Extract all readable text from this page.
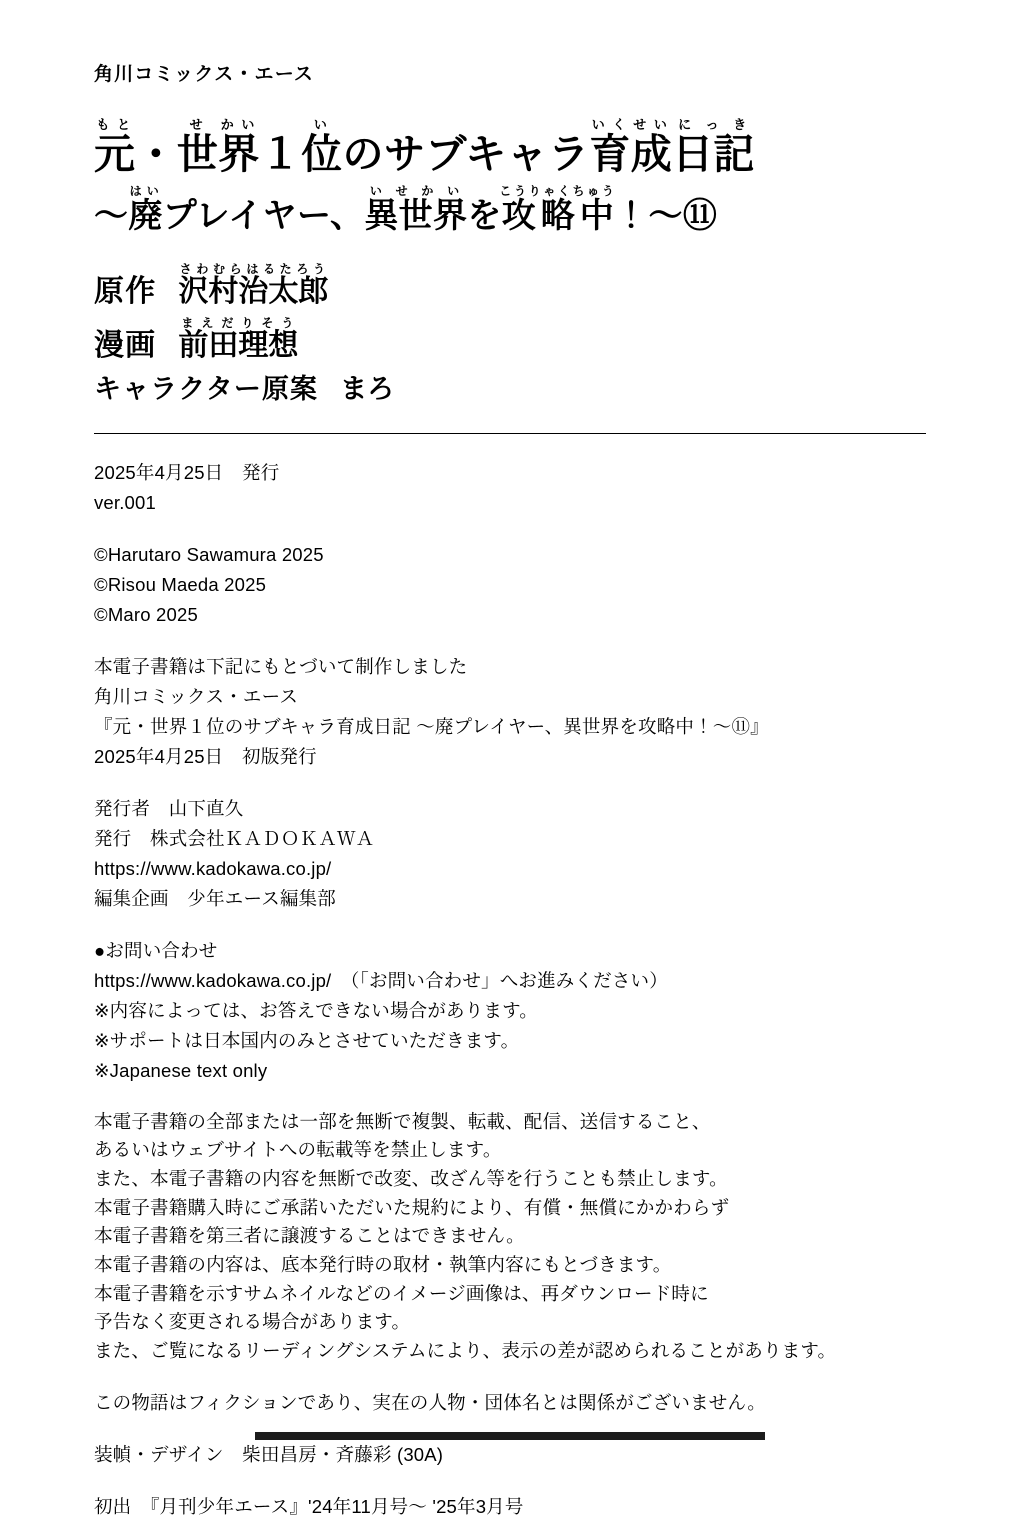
角川コミックス・エース
元もと・世せ界かい１位いのサブキャラ育成いくせい日記にっき
～廃はいプレイヤー、異世界いせかいを攻略中こうりゃくちゅう！～⑪
原作 沢村治太郎さわむらはるたろう
漫画 前田理想まえだりそう
キャラクター原案 まろ

2025年4月25日　発行

ver.001

©Harutaro Sawamura 2025

©Risou Maeda 2025

©Maro 2025

本電子書籍は下記にもとづいて制作しました

角川コミックス・エース

『元・世界１位のサブキャラ育成日記 ～廃プレイヤー、異世界を攻略中！～⑪』

2025年4月25日　初版発行

発行者　山下直久

発行　株式会社ＫＡＤＯＫＡＷＡ

https://www.kadokawa.co.jp/

編集企画　少年エース編集部

●お問い合わせ

https://www.kadokawa.co.jp/　（「お問い合わせ」へお進みください）

※内容によっては、お答えできない場合があります。

※サポートは日本国内のみとさせていただきます。

※Japanese text only

本電子書籍の全部または一部を無断で複製、転載、配信、送信すること、

あるいはウェブサイトへの転載等を禁止します。

また、本電子書籍の内容を無断で改変、改ざん等を行うことも禁止します。

本電子書籍購入時にご承諾いただいた規約により、有償・無償にかかわらず

本電子書籍を第三者に譲渡することはできません。

本電子書籍の内容は、底本発行時の取材・執筆内容にもとづきます。

本電子書籍を示すサムネイルなどのイメージ画像は、再ダウンロード時に

予告なく変更される場合があります。

また、ご覧になるリーディングシステムにより、表示の差が認められることがあります。

この物語はフィクションであり、実在の人物・団体名とは関係がございません。

装幀・デザイン　柴田昌房・斉藤彩 (30A)

初出　『月刊少年エース』'24年11月号～ '25年3月号
